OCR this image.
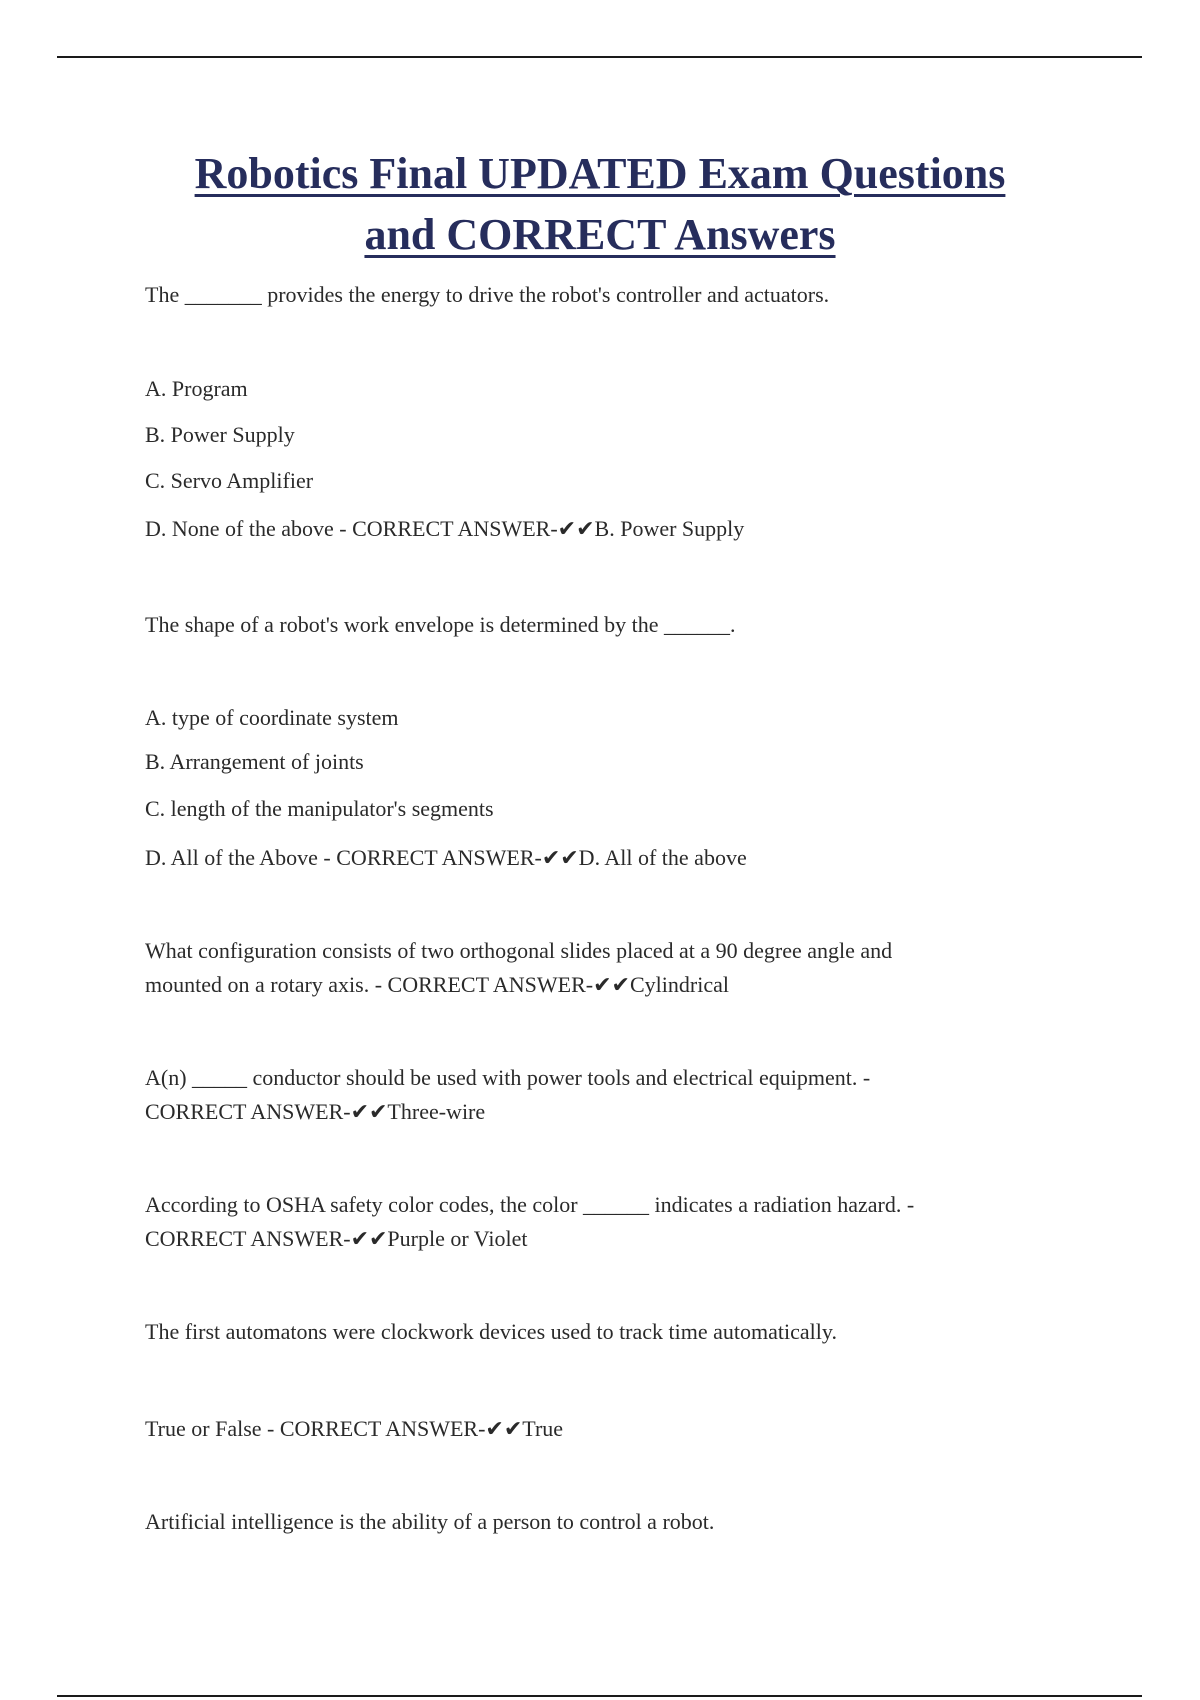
Robotics Final UPDATED Exam Questions
and CORRECT Answers
The _______ provides the energy to drive the robot's controller and actuators.
A. Program
B. Power Supply
C. Servo Amplifier
D. None of the above - CORRECT ANSWER-✔✔B. Power Supply
The shape of a robot's work envelope is determined by the ______.
A. type of coordinate system
B. Arrangement of joints
C. length of the manipulator's segments
D. All of the Above - CORRECT ANSWER-✔✔D. All of the above
What configuration consists of two orthogonal slides placed at a 90 degree angle and
mounted on a rotary axis. - CORRECT ANSWER-✔✔Cylindrical
A(n) _____ conductor should be used with power tools and electrical equipment. -
CORRECT ANSWER-✔✔Three-wire
According to OSHA safety color codes, the color ______ indicates a radiation hazard. -
CORRECT ANSWER-✔✔Purple or Violet
The first automatons were clockwork devices used to track time automatically.
True or False - CORRECT ANSWER-✔✔True
Artificial intelligence is the ability of a person to control a robot.
